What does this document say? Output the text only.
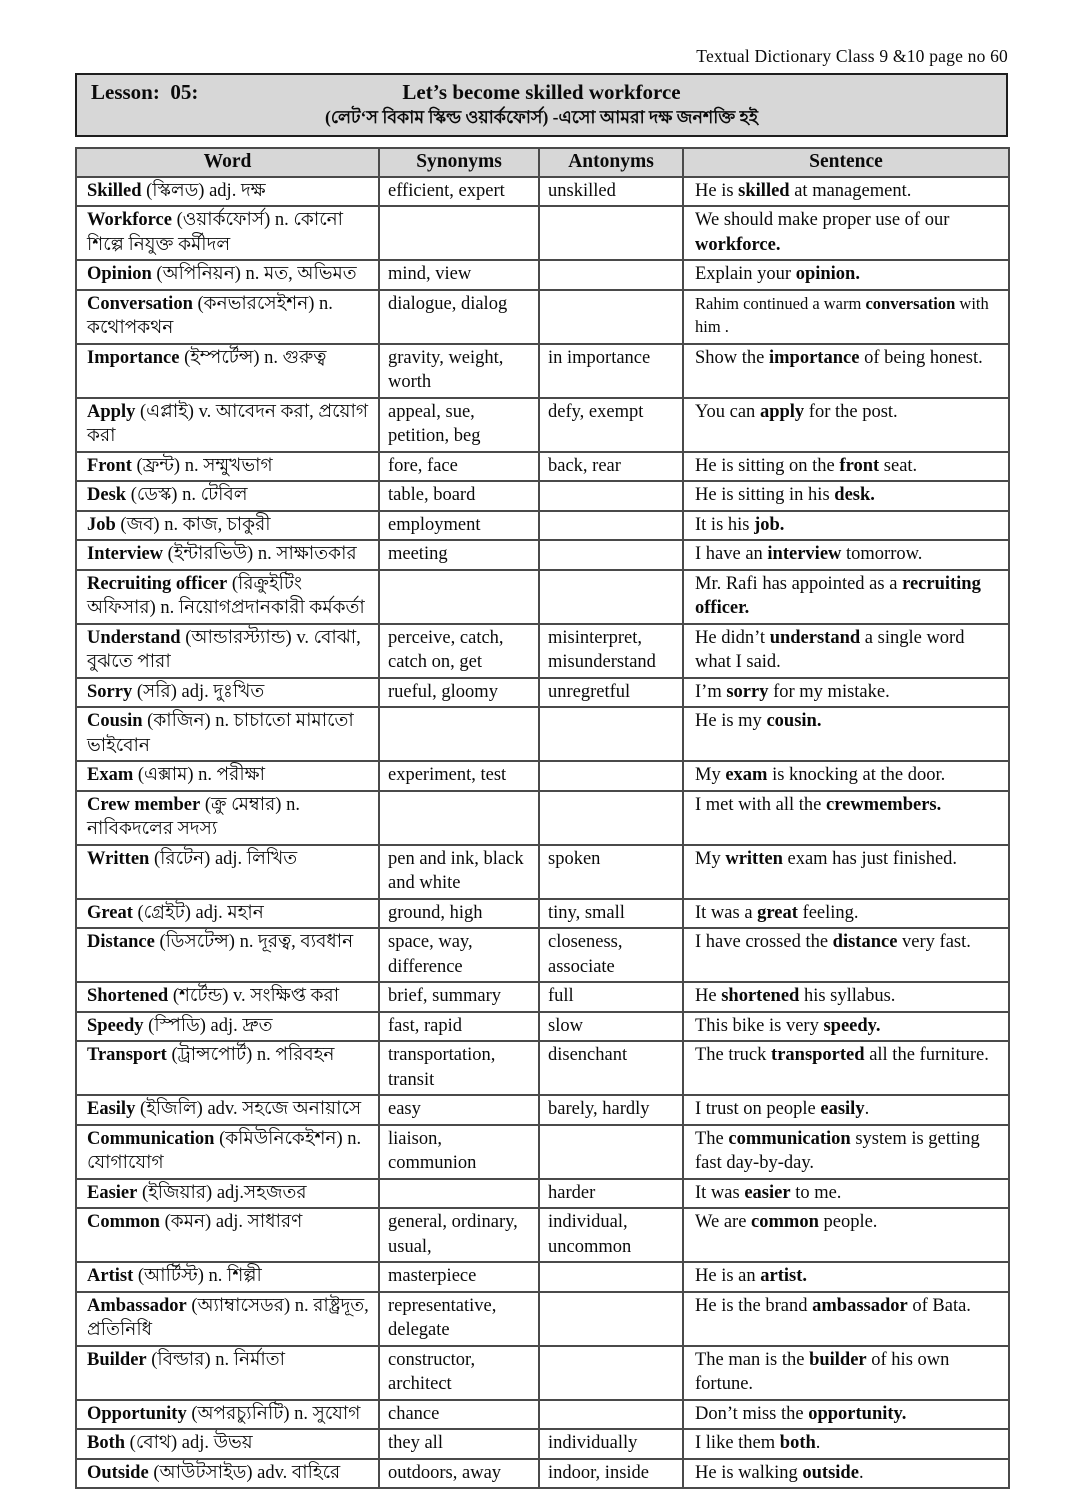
Textual Dictionary Class 9 &10 page no 60
Lesson:  05:	Let’s become skilled workforce
(লেট‘স বিকাম স্কিল্ড ওয়ার্কফোর্স) -এসো আমরা দক্ষ জনশক্তি হই
Word	Synonyms	Antonyms	Sentence
Skilled (স্কিলড) adj. দক্ষ	efficient, expert	unskilled	He is skilled at management.
Workforce (ওয়ার্কফোর্স) n. কোনো শিল্পে নিযুক্ত কর্মীদল			We should make proper use of our workforce.
Opinion (অপিনিয়ন) n. মত, অভিমত	mind, view		Explain your opinion.
Conversation (কনভারসেইশন) n. কথোপকথন	dialogue, dialog		Rahim continued a warm conversation with him .
Importance (ইম্পর্টেন্স) n. গুরুত্ব	gravity, weight, worth	in importance	Show the importance of being honest.
Apply (এপ্লাই) v. আবেদন করা, প্রয়োগ করা	appeal, sue, petition, beg	defy, exempt	You can apply for the post.
Front (ফ্রন্ট) n. সম্মুখভাগ	fore, face	back, rear	He is sitting on the front seat.
Desk (ডেস্ক) n. টেবিল	table, board		He is sitting in his desk.
Job (জব) n. কাজ, চাকুরী	employment		It is his job.
Interview (ইন্টারভিউ) n. সাক্ষাতকার	meeting		I have an interview tomorrow.
Recruiting officer (রিক্রুইটিং অফিসার) n. নিয়োগপ্রদানকারী কর্মকর্তা			Mr. Rafi has appointed as a recruiting officer.
Understand (আন্ডারস্ট্যান্ড) v. বোঝা, বুঝতে পারা	perceive, catch, catch on, get	misinterpret, misunderstand	He didn’t understand a single word what I said.
Sorry (সরি) adj. দুঃখিত	rueful, gloomy	unregretful	I’m sorry for my mistake.
Cousin (কাজিন) n. চাচাতো মামাতো ভাইবোন			He is my cousin.
Exam (এক্সাম) n. পরীক্ষা	experiment, test		My exam is knocking at the door.
Crew member (ক্রু মেম্বার) n. নাবিকদলের সদস্য			I met with all the crewmembers.
Written (রিটেন) adj. লিখিত	pen and ink, black and white	spoken	My written exam has just finished.
Great (গ্রেইট) adj. মহান	ground, high	tiny, small	It was a great feeling.
Distance (ডিসটেন্স) n. দূরত্ব, ব্যবধান	space, way, difference	closeness, associate	I have crossed the distance very fast.
Shortened (শর্টেন্ড) v. সংক্ষিপ্ত করা	brief, summary	full	He shortened his syllabus.
Speedy (স্পিডি) adj. দ্রুত	fast, rapid	slow	This bike is very speedy.
Transport (ট্রান্সপোর্ট) n. পরিবহন	transportation, transit	disenchant	The truck transported all the furniture.
Easily (ইজিলি) adv. সহজে অনায়াসে	easy	barely, hardly	I trust on people easily.
Communication (কমিউনিকেইশন) n. যোগাযোগ	liaison, communion		The communication system is getting fast day-by-day.
Easier (ইজিয়ার) adj.সহজতর		harder	It was easier to me.
Common (কমন) adj. সাধারণ	general, ordinary, usual,	individual, uncommon	We are common people.
Artist (আর্টিস্ট) n. শিল্পী	masterpiece		He is an artist.
Ambassador (অ্যাম্বাসেডর) n. রাষ্ট্রদূত, প্রতিনিধি	representative, delegate		He is the brand ambassador of Bata.
Builder (বিল্ডার) n. নির্মাতা	constructor, architect		The man is the builder of his own fortune.
Opportunity (অপরচ্যুনিটি) n. সুযোগ	chance		Don’t miss the opportunity.
Both (বোথ) adj. উভয়	they all	individually	I like them both.
Outside (আউটসাইড) adv. বাহিরে	outdoors, away	indoor, inside	He is walking outside.
